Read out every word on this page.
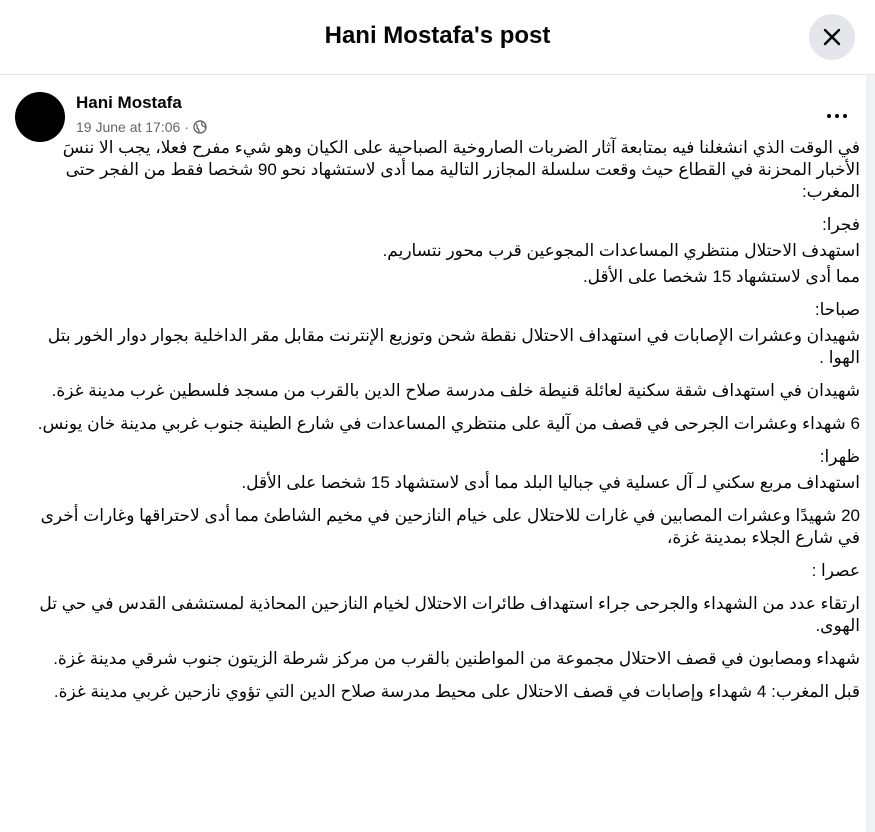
Hani Mostafa's post
Hani Mostafa
19 June at 17:06 ·

في الوقت الذي انشغلنا فيه بمتابعة آثار الضربات الصاروخية الصباحية على الكيان وهو شيء مفرح فعلا، يجب الا ننسَ الأخبار المحزنة في القطاع حيث وقعت سلسلة المجازر التالية مما أدى لاستشهاد نحو 90 شخصا فقط من الفجر حتى المغرب:

فجرا:

استهدف الاحتلال منتظري المساعدات المجوعين قرب محور نتساريم.

مما أدى لاستشهاد 15 شخصا على الأقل.

صباحا:

شهيدان وعشرات الإصابات في استهداف الاحتلال نقطة شحن وتوزيع الإنترنت مقابل مقر الداخلية بجوار دوار الخور بتل الهوا .

شهيدان في استهداف شقة سكنية لعائلة قنيطة خلف مدرسة صلاح الدين بالقرب من مسجد فلسطين غرب مدينة غزة.

6 شهداء وعشرات الجرحى في قصف من آلية على منتظري المساعدات في شارع الطينة جنوب غربي مدينة خان يونس.

ظهرا:

استهداف مربع سكني لـ آل عسلية في جباليا البلد مما أدى لاستشهاد 15 شخصا على الأقل.

20 شهيدًا وعشرات المصابين في غارات للاحتلال على خيام النازحين في مخيم الشاطئ مما أدى لاحتراقها وغارات أخرى في شارع الجلاء بمدينة غزة،

عصرا :

ارتقاء عدد من الشهداء والجرحى جراء استهداف طائرات الاحتلال لخيام النازحين المحاذية لمستشفى القدس في حي تل الهوى.

شهداء ومصابون في قصف الاحتلال مجموعة من المواطنين بالقرب من مركز شرطة الزيتون جنوب شرقي مدينة غزة.

قبل المغرب: 4 شهداء وإصابات في قصف الاحتلال على محيط مدرسة صلاح الدين التي تؤوي نازحين غربي مدينة غزة.
